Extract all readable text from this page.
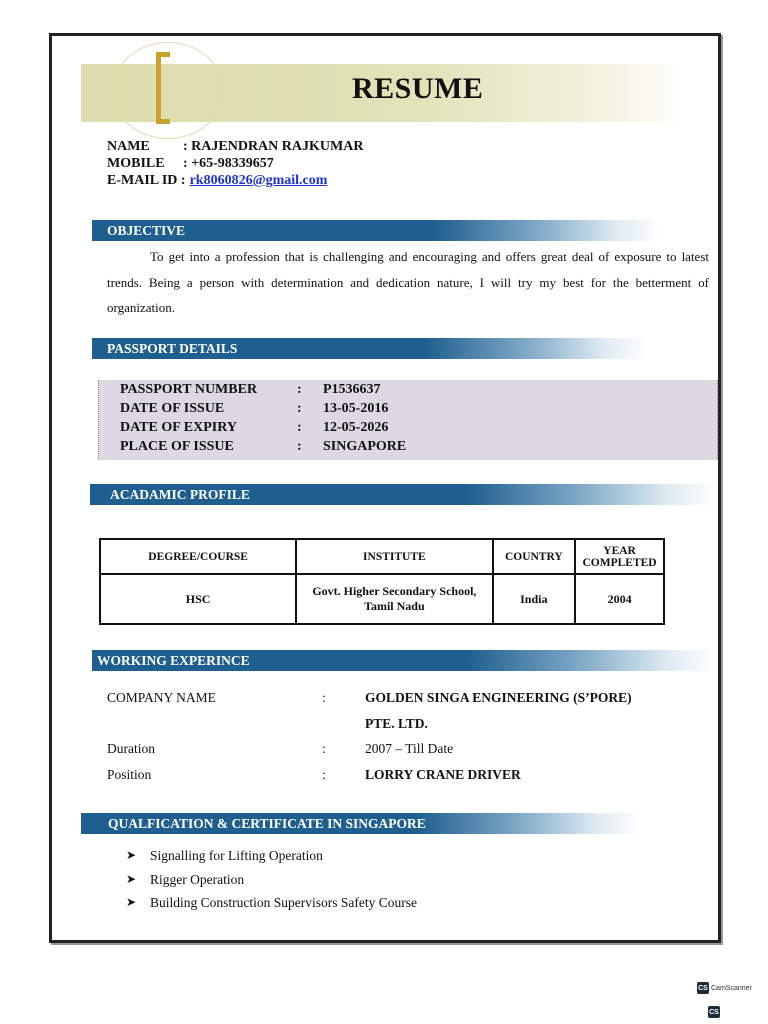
RESUME
NAME	: RAJENDRAN RAJKUMAR
MOBILE	: +65-98339657
E-MAIL ID : rk8060826@gmail.com
OBJECTIVE

To get into a profession that is challenging and encouraging and offers great deal of exposure to latest trends. Being a person with determination and dedication nature, I will try my best for the betterment of organization.

PASSPORT DETAILS
PASSPORT NUMBER	:	P1536637
DATE OF ISSUE	:	13-05-2016
DATE OF EXPIRY	:	12-05-2026
PLACE OF ISSUE	:	SINGAPORE
ACADAMIC PROFILE
DEGREE/COURSE	INSTITUTE	COUNTRY	YEAR COMPLETED
HSC	Govt. Higher Secondary School, Tamil Nadu	India	2004
WORKING EXPERINCE
COMPANY NAME	:	GOLDEN SINGA ENGINEERING (S’PORE)
PTE. LTD.
Duration	:	2007 – Till Date
Position	:	LORRY CRANE DRIVER
QUALFICATION & CERTIFICATE IN SINGAPORE
➤	Signalling for Lifting Operation
➤	Rigger Operation
➤	Building Construction Supervisors Safety Course
CS CamScanner
CS
